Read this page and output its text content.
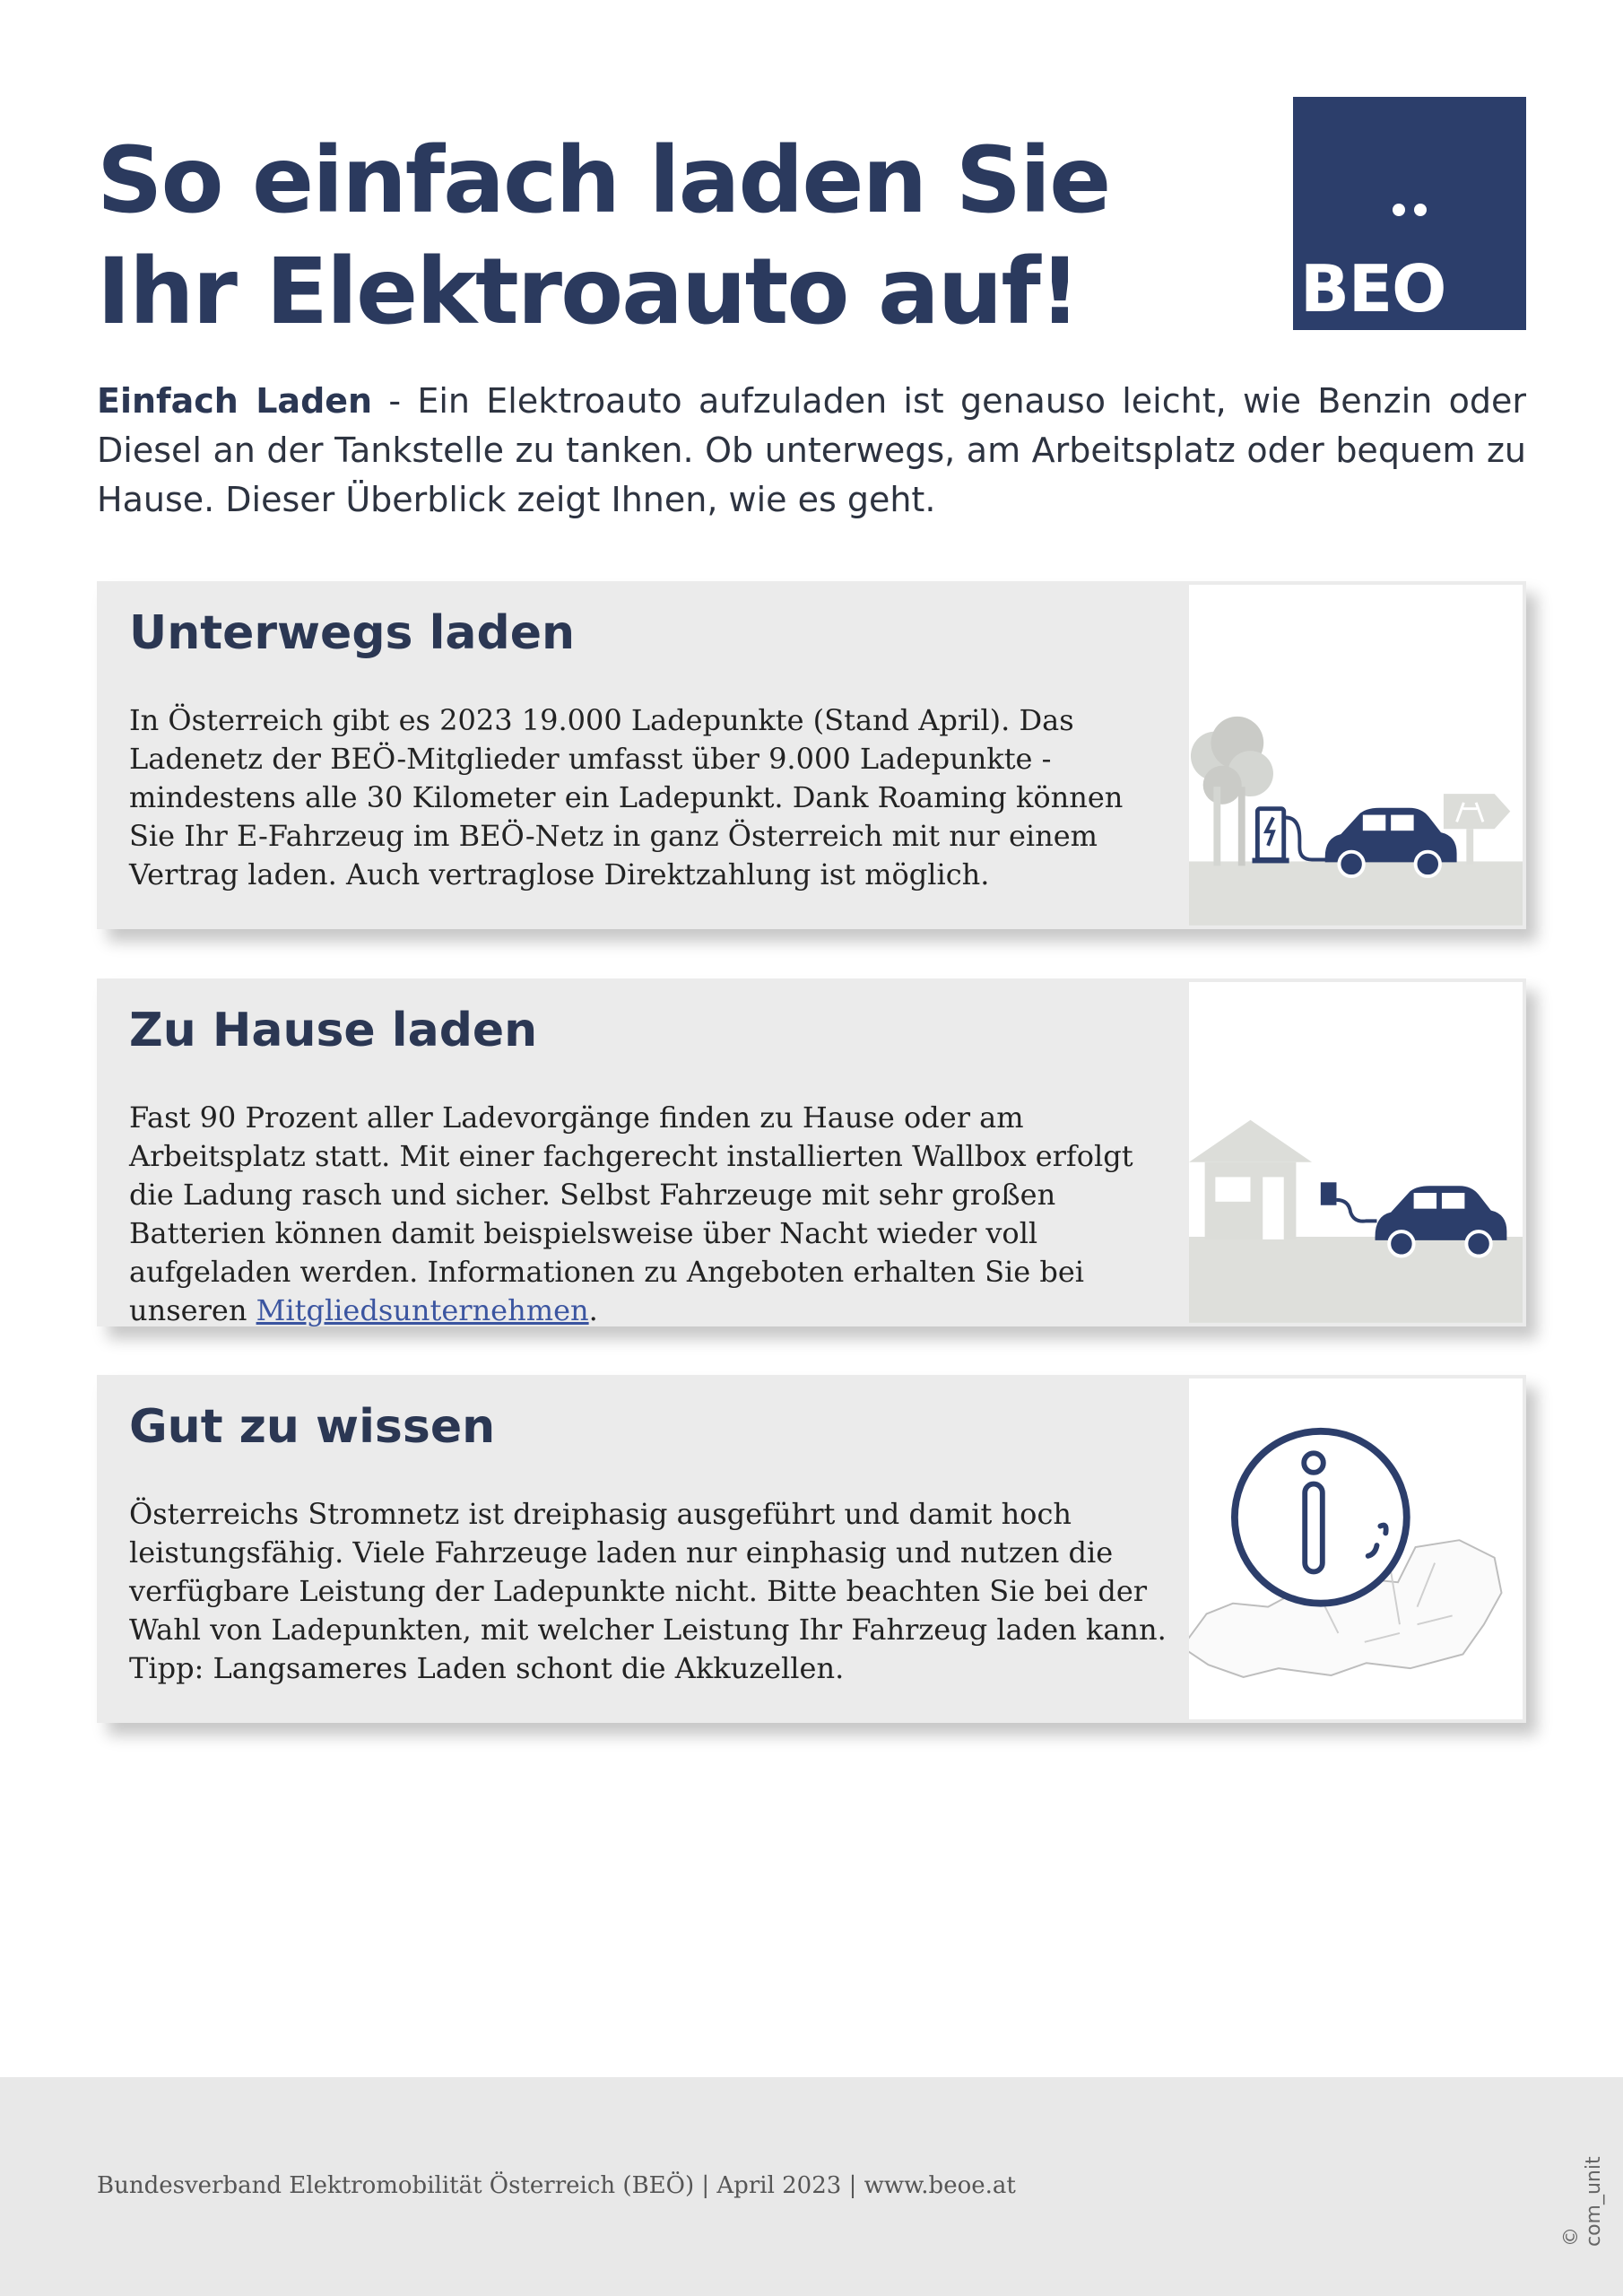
So einfach laden Sie
Ihr Elektroauto auf!	BEO

Einfach Laden - Ein Elektroauto aufzuladen ist genauso leicht, wie Benzin oder Diesel an der Tankstelle zu tanken. Ob unterwegs, am Arbeitsplatz oder bequem zu Hause. Dieser Überblick zeigt Ihnen, wie es geht.

Unterwegs laden

In Österreich gibt es 2023 19.000 Ladepunkte (Stand April). Das Ladenetz der BEÖ-Mitglieder umfasst über 9.000 Ladepunkte - mindestens alle 30 Kilometer ein Ladepunkt. Dank Roaming können Sie Ihr E-Fahrzeug im BEÖ-Netz in ganz Österreich mit nur einem Vertrag laden. Auch vertraglose Direktzahlung ist möglich.

Zu Hause laden

Fast 90 Prozent aller Ladevorgänge finden zu Hause oder am Arbeitsplatz statt. Mit einer fachgerecht installierten Wallbox erfolgt die Ladung rasch und sicher. Selbst Fahrzeuge mit sehr großen Batterien können damit beispielsweise über Nacht wieder voll aufgeladen werden. Informationen zu Angeboten erhalten Sie bei unseren Mitgliedsunternehmen.

Gut zu wissen

Österreichs Stromnetz ist dreiphasig ausgeführt und damit hoch leistungsfähig. Viele Fahrzeuge laden nur einphasig und nutzen die verfügbare Leistung der Ladepunkte nicht. Bitte beachten Sie bei der Wahl von Ladepunkten, mit welcher Leistung Ihr Fahrzeug laden kann. Tipp: Langsameres Laden schont die Akkuzellen.

Bundesverband Elektromobilität Österreich (BEÖ) | April 2023 | www.beoe.at
© com_unit
